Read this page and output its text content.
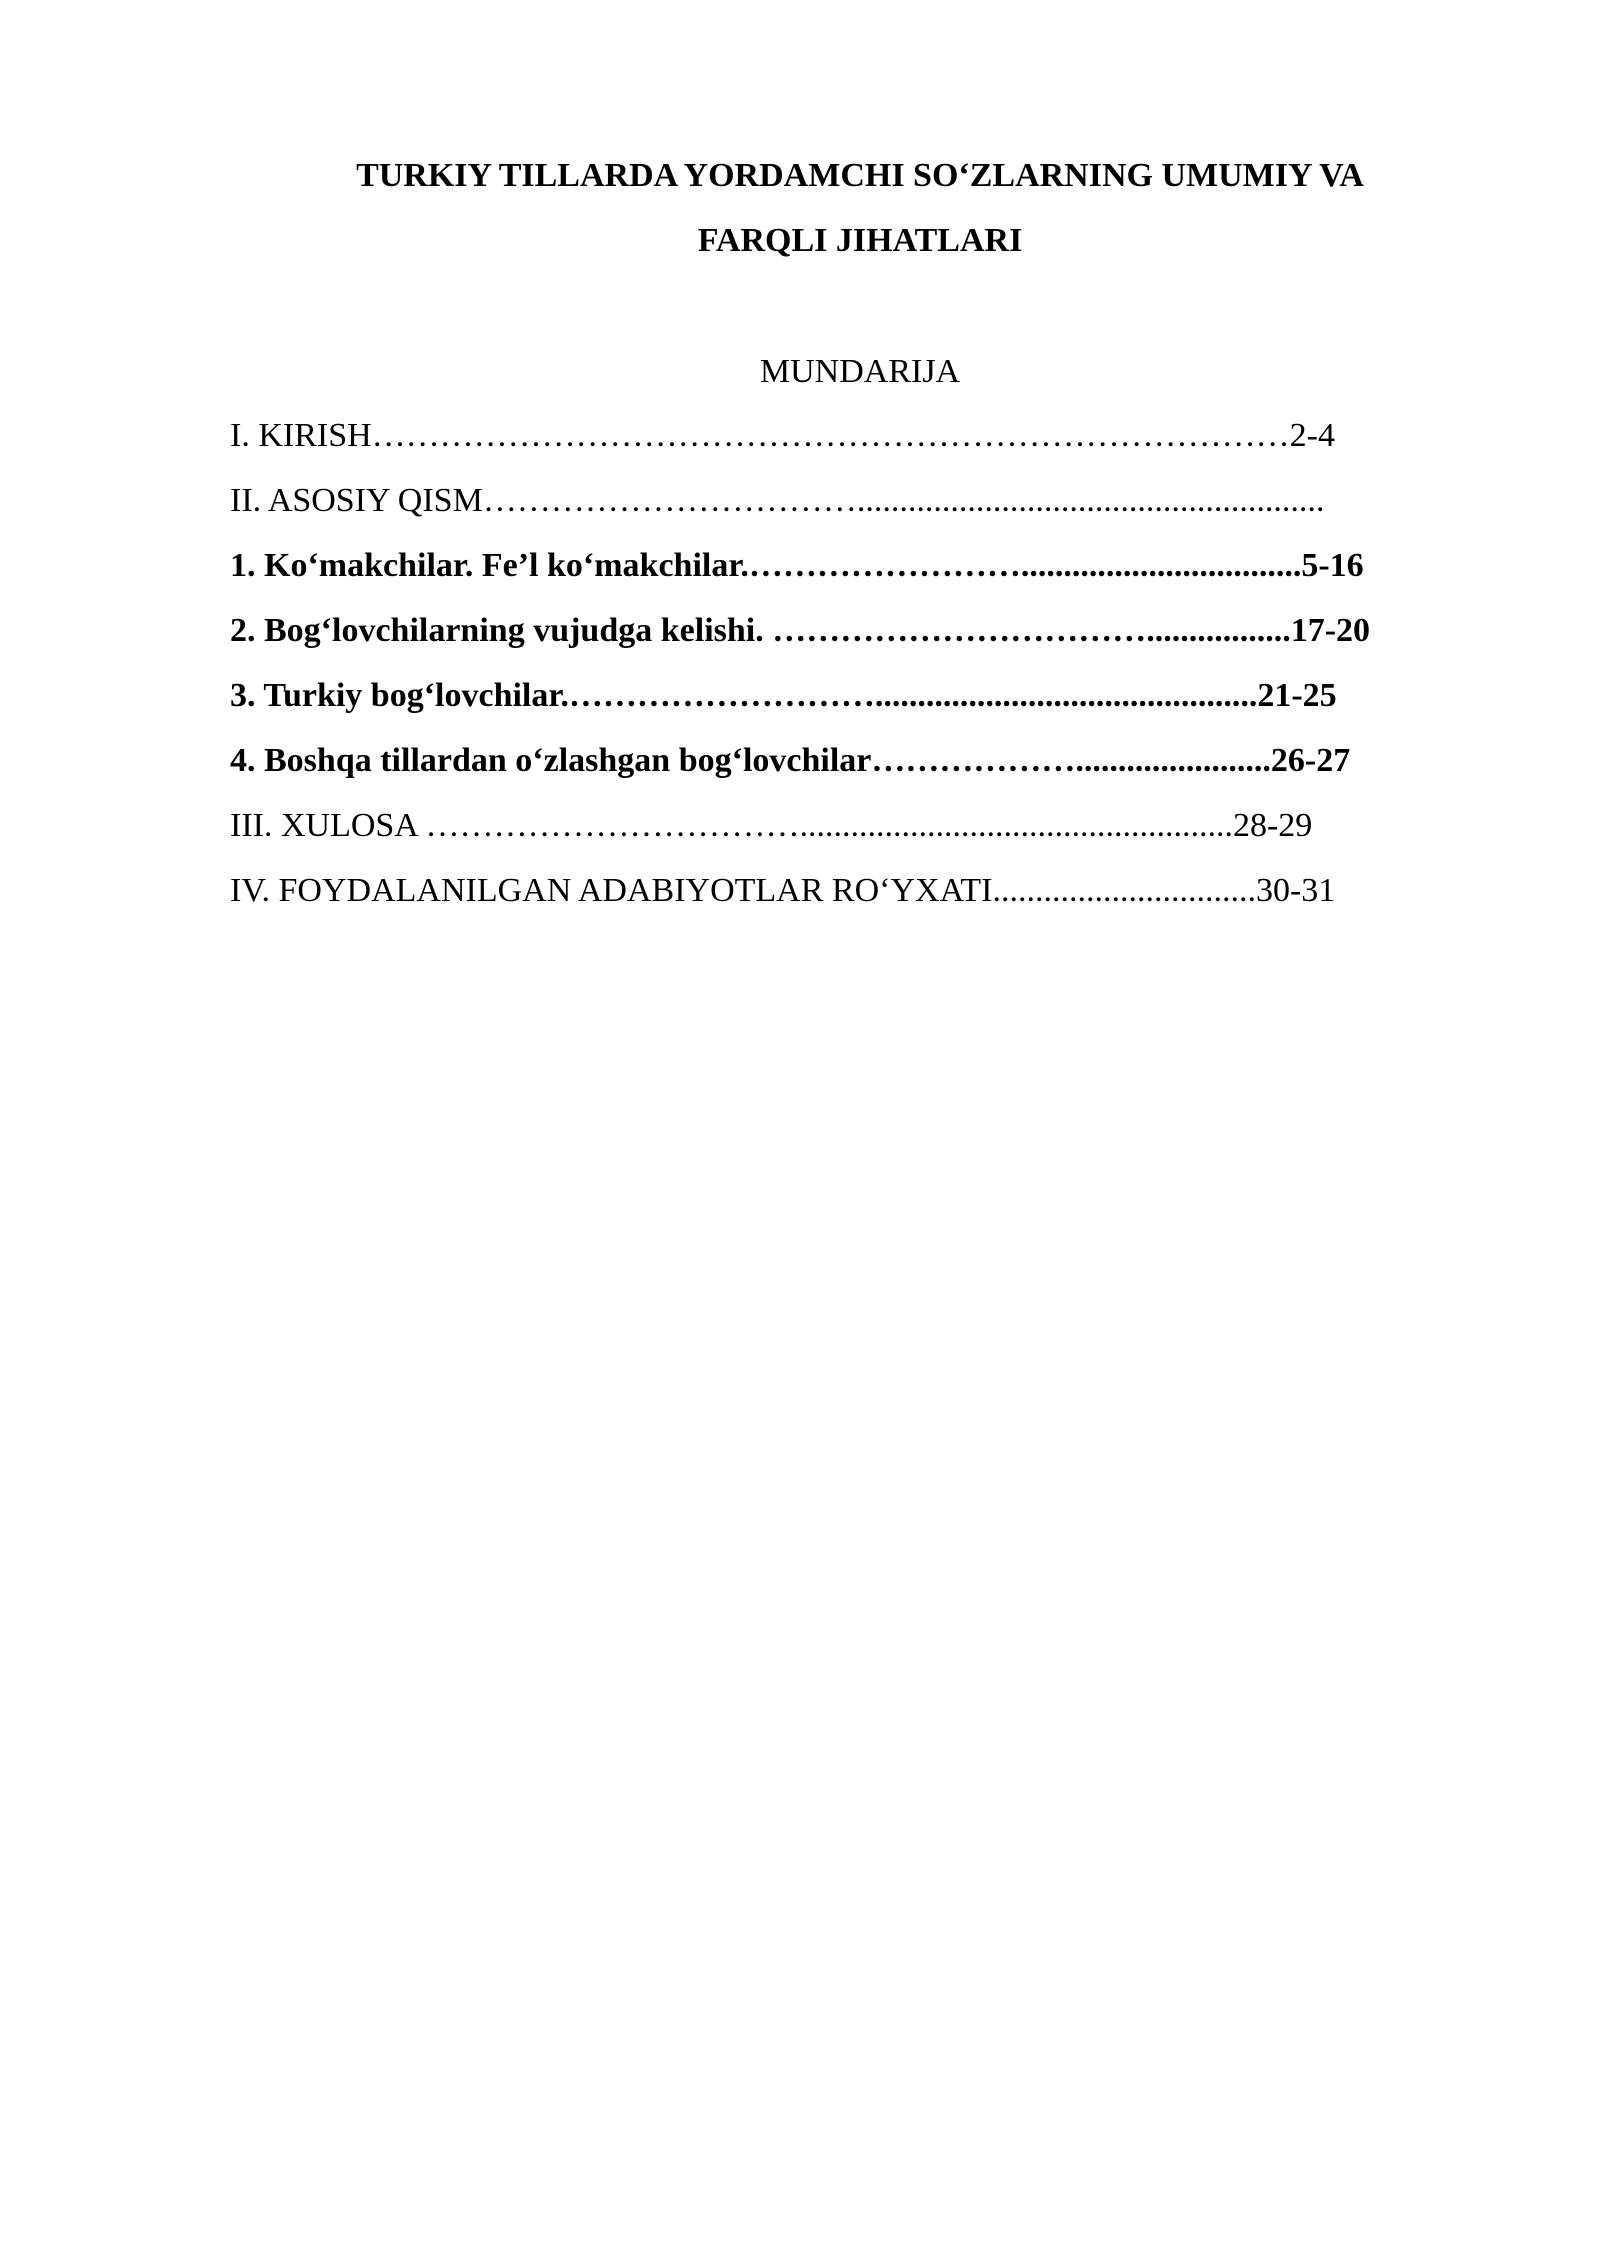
TURKIY TILLARDA YORDAMCHI SO‘ZLARNING UMUMIY VA
FARQLI JIHATLARI
MUNDARIJA
I. KIRISH………………………………………………………………………2-4
II. ASOSIY QISM…………………………….......................................................
1. Ko‘makchilar. Fe’l ko‘makchilar.…………………….................................5-16
2. Bog‘lovchilarning vujudga kelishi. …………………………….................17-20
3. Turkiy bog‘lovchilar.……………………….............................................21-25
4. Boshqa tillardan o‘zlashgan bog‘lovchilar……………….......................26-27
III. XULOSA ……………………………...................................................28-29
IV. FOYDALANILGAN ADABIYOTLAR RO‘YXATI...............................30-31
